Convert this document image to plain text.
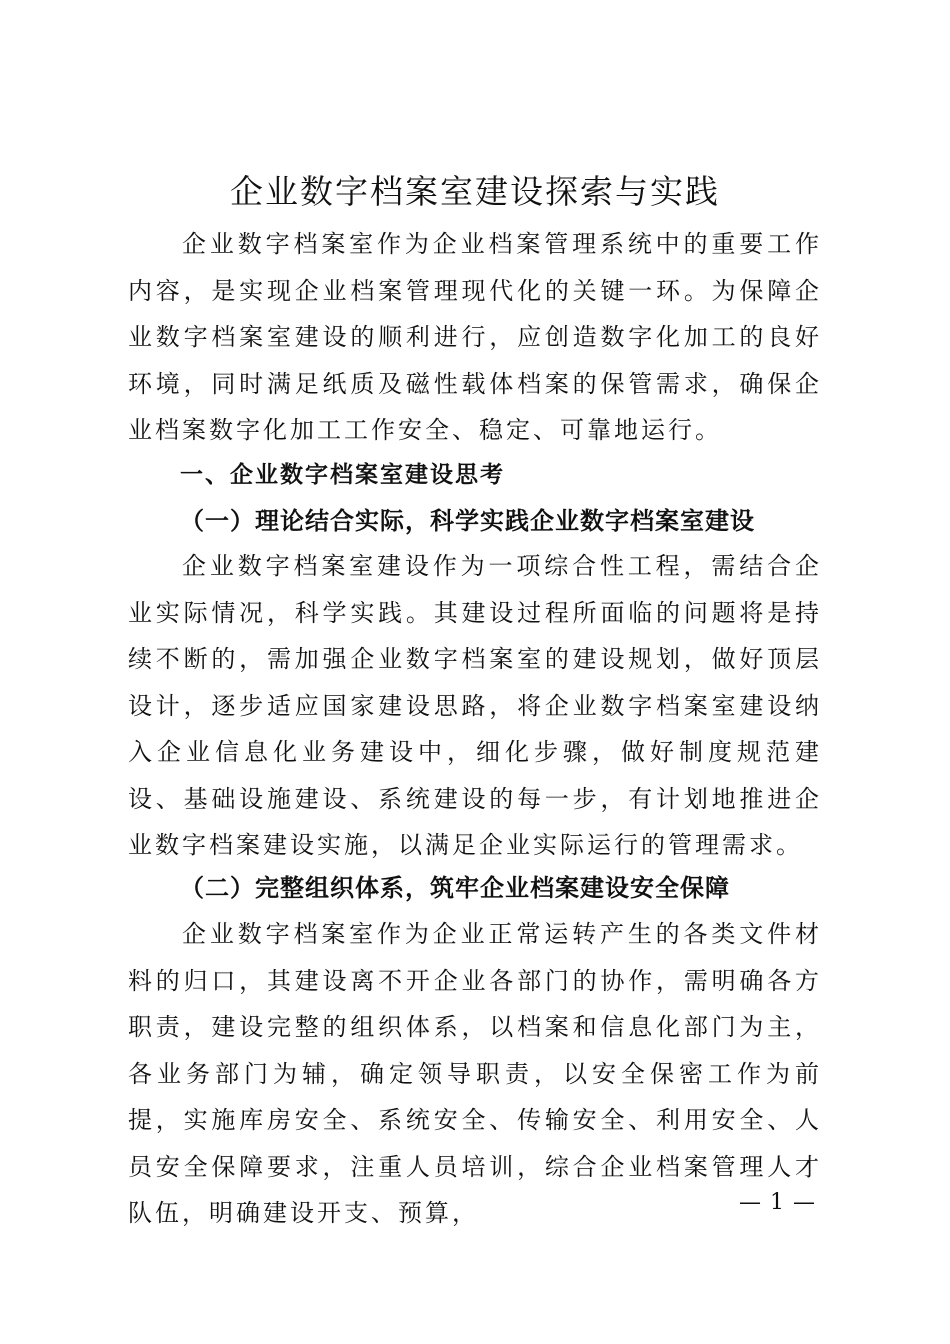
企业数字档案室建设探索与实践

企业数字档案室作为企业档案管理系统中的重要工作内容，是实现企业档案管理现代化的关键一环。为保障企业数字档案室建设的顺利进行，应创造数字化加工的良好环境，同时满足纸质及磁性载体档案的保管需求，确保企业档案数字化加工工作安全、稳定、可靠地运行。

一、企业数字档案室建设思考
（一）理论结合实际，科学实践企业数字档案室建设

企业数字档案室建设作为一项综合性工程，需结合企业实际情况，科学实践。其建设过程所面临的问题将是持续不断的，需加强企业数字档案室的建设规划，做好顶层设计，逐步适应国家建设思路，将企业数字档案室建设纳入企业信息化业务建设中，细化步骤，做好制度规范建设、基础设施建设、系统建设的每一步，有计划地推进企业数字档案建设实施，以满足企业实际运行的管理需求。

（二）完整组织体系，筑牢企业档案建设安全保障

企业数字档案室作为企业正常运转产生的各类文件材料的归口，其建设离不开企业各部门的协作，需明确各方职责，建设完整的组织体系，以档案和信息化部门为主，各业务部门为辅，确定领导职责，以安全保密工作为前提，实施库房安全、系统安全、传输安全、利用安全、人员安全保障要求，注重人员培训，综合企业档案管理人才队伍，明确建设开支、预算，	— 1 —
